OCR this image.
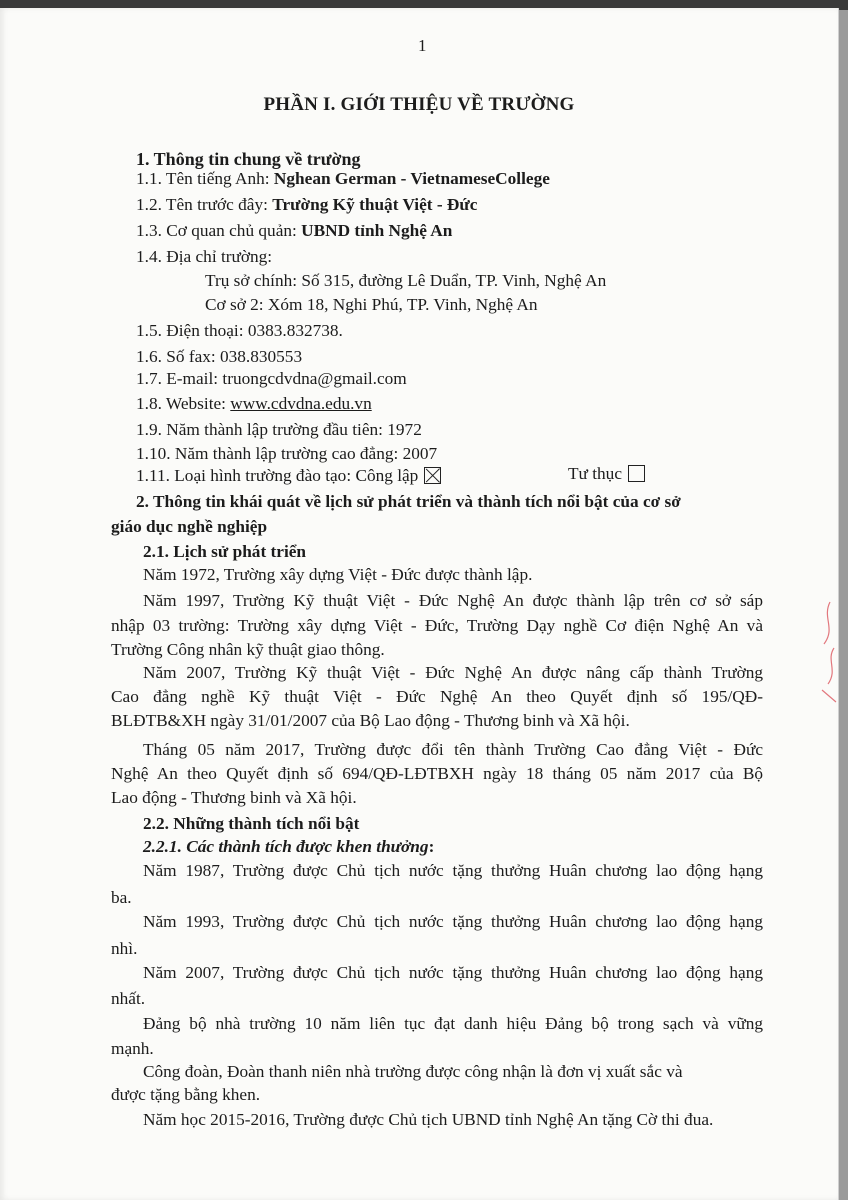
1
PHẦN I. GIỚI THIỆU VỀ TRƯỜNG
1. Thông tin chung về trường
1.1. Tên tiếng Anh: Nghean German - VietnameseCollege
1.2. Tên trước đây: Trường Kỹ thuật Việt - Đức
1.3. Cơ quan chủ quản: UBND tỉnh Nghệ An
1.4. Địa chỉ trường:
Trụ sở chính: Số 315, đường Lê Duẩn, TP. Vinh, Nghệ An
Cơ sở 2: Xóm 18, Nghi Phú, TP. Vinh, Nghệ An
1.5. Điện thoại: 0383.832738.
1.6. Số fax: 038.830553
1.7. E-mail: truongcdvdna@gmail.com
1.8. Website: www.cdvdna.edu.vn
1.9. Năm thành lập trường đầu tiên: 1972
1.10. Năm thành lập trường cao đẳng: 2007
1.11. Loại hình trường đào tạo: Công lập	Tư thục
2. Thông tin khái quát về lịch sử phát triển và thành tích nổi bật của cơ sở
giáo dục nghề nghiệp
2.1. Lịch sử phát triển
Năm 1972, Trường xây dựng Việt - Đức được thành lập.
Năm 1997, Trường Kỹ thuật Việt - Đức Nghệ An được thành lập trên cơ sở sáp
nhập 03 trường: Trường xây dựng Việt - Đức, Trường Dạy nghề Cơ điện Nghệ An và
Trường Công nhân kỹ thuật giao thông.
Năm 2007, Trường Kỹ thuật Việt - Đức Nghệ An được nâng cấp thành Trường
Cao đẳng nghề Kỹ thuật Việt - Đức Nghệ An theo Quyết định số 195/QĐ-
BLĐTB&XH ngày 31/01/2007 của Bộ Lao động - Thương binh và Xã hội.
Tháng 05 năm 2017, Trường được đổi tên thành Trường Cao đẳng Việt - Đức
Nghệ An theo Quyết định số 694/QĐ-LĐTBXH ngày 18 tháng 05 năm 2017 của Bộ
Lao động - Thương binh và Xã hội.
2.2. Những thành tích nổi bật
2.2.1. Các thành tích được khen thưởng:
Năm 1987, Trường được Chủ tịch nước tặng thưởng Huân chương lao động hạng
ba.
Năm 1993, Trường được Chủ tịch nước tặng thưởng Huân chương lao động hạng
nhì.
Năm 2007, Trường được Chủ tịch nước tặng thưởng Huân chương lao động hạng
nhất.
Đảng bộ nhà trường 10 năm liên tục đạt danh hiệu Đảng bộ trong sạch và vững
mạnh.
Công đoàn, Đoàn thanh niên nhà trường được công nhận là đơn vị xuất sắc và
được tặng bằng khen.
Năm học 2015-2016, Trường được Chủ tịch UBND tỉnh Nghệ An tặng Cờ thi đua.
